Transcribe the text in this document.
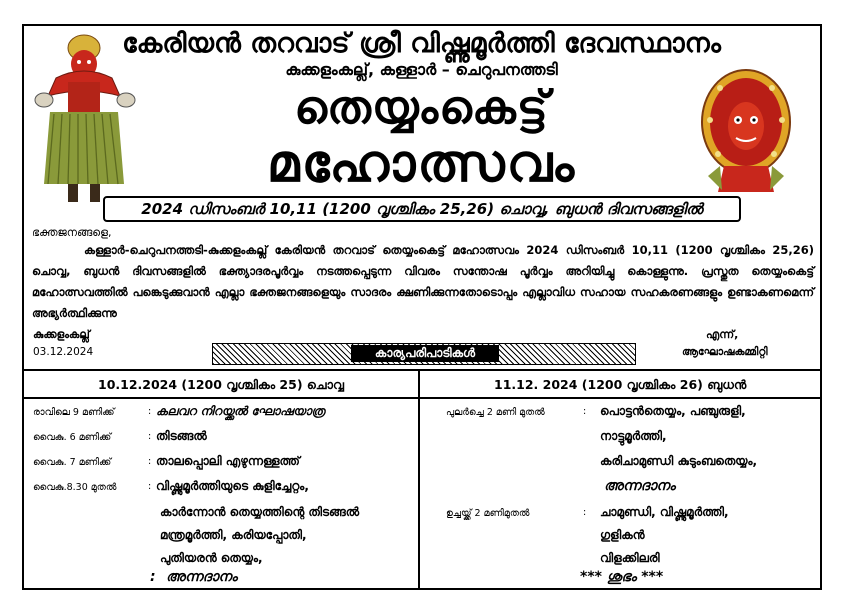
കേരിയൻ തറവാട് ശ്രീ വിഷ്ണുമൂർത്തി ദേവസ്ഥാനം
കുക്കളംകല്ല്, കള്ളാർ – ചെറുപനത്തടി
തെയ്യംകെട്ട്
മഹോത്സവം
2024 ഡിസംബർ 10,11 (1200 വൃശ്ചികം 25,26) ചൊവ്വ, ബുധൻ ദിവസങ്ങളിൽ
ഭക്തജനങ്ങളെ,
കള്ളാർ-ചെറുപനത്തടി-കുക്കളംകല്ല് കേരിയൻ തറവാട് തെയ്യംകെട്ട് മഹോത്സവം 2024 ഡിസംബർ 10,11 (1200 വൃശ്ചികം 25,26) ചൊവ്വ, ബുധൻ ദിവസങ്ങളിൽ ഭക്ത്യാദരപൂർവ്വം നടത്തപ്പെടുന്ന വിവരം സന്തോഷ പൂർവ്വം അറിയിച്ചു കൊള്ളുന്നു. പ്രസ്തുത തെയ്യംകെട്ട് മഹോത്സവത്തിൽ പങ്കെടുക്കുവാൻ എല്ലാ ഭക്തജനങ്ങളെയും സാദരം ക്ഷണിക്കുന്നതോടൊപ്പം എല്ലാവിധ സഹായ സഹകരണങ്ങളും ഉണ്ടാകണമെന്ന് അഭ്യർത്ഥിക്കുന്നു
കുക്കളംകല്ല്	എന്ന്,
03.12.2024	ആഘോഷകമ്മിറ്റി
കാര്യപരിപാടികൾ
10.12.2024 (1200 വൃശ്ചികം 25) ചൊവ്വ
രാവിലെ 9 മണിക്ക്	: കലവറ നിറയ്ക്കൽ ഘോഷയാത്ര
വൈകു. 6 മണിക്ക്	: തിടങ്ങൽ
വൈകു. 7 മണിക്ക്	: താലപ്പൊലി എഴുന്നള്ളത്ത്
വൈകു.8.30 മുതൽ	: വിഷ്ണുമൂർത്തിയുടെ കുളിച്ചേറ്റം,
കാർന്നോൻ തെയ്യത്തിന്റെ തിടങ്ങൽ
മന്ത്രമൂർത്തി, കരിയപ്പോതി,
പുതിയരൻ തെയ്യം,
: അന്നദാനം
11.12. 2024 (1200 വൃശ്ചികം 26) ബുധൻ
പുലർച്ചെ 2 മണി മുതൽ	: പൊട്ടൻതെയ്യം, പഞ്ചുരുളി,
നാട്ടുമൂർത്തി,
കരിചാമുണ്ഡി കുടുംബതെയ്യം,
അന്നദാനം
ഉച്ചയ്ക്ക് 2 മണിമുതൽ	: ചാമുണ്ഡി, വിഷ്ണുമൂർത്തി,
ഗുളികൻ
വിളക്കിലരി
*** ശുഭം ***
